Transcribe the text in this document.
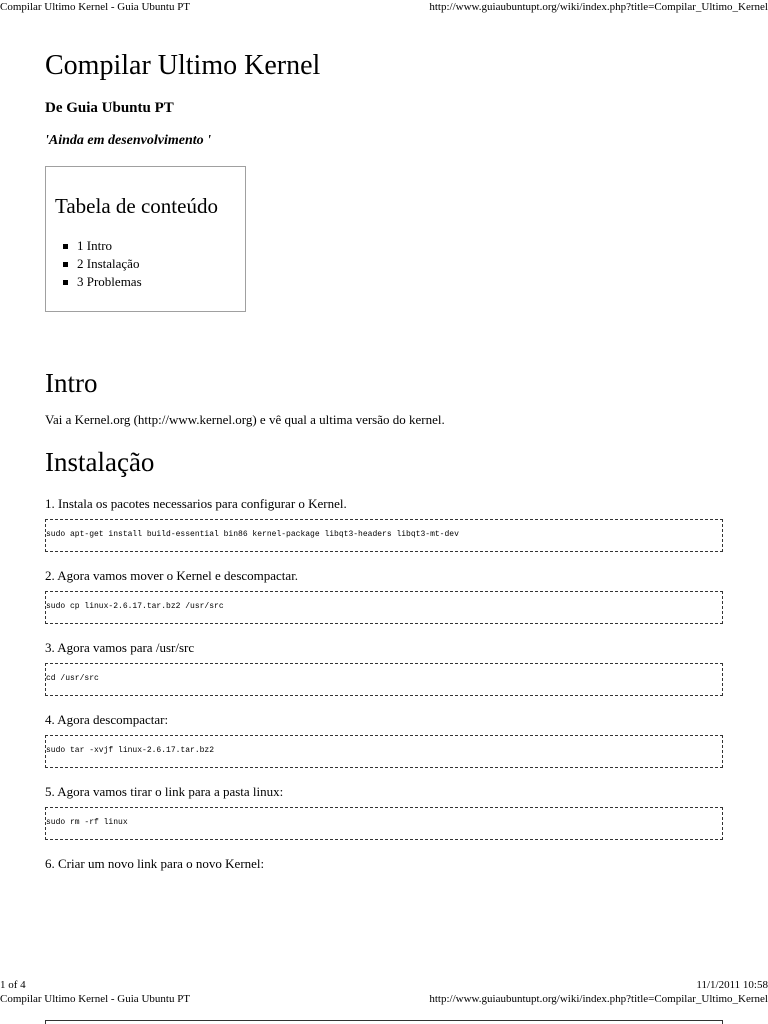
Compilar Ultimo Kernel - Guia Ubuntu PT	http://www.guiaubuntupt.org/wiki/index.php?title=Compilar_Ultimo_Kernel
Compilar Ultimo Kernel
De Guia Ubuntu PT
'Ainda em desenvolvimento '
Tabela de conteúdo
1 Intro
2 Instalação
3 Problemas
Intro

Vai a Kernel.org (http://www.kernel.org) e vê qual a ultima versão do kernel.

Instalação

1. Instala os pacotes necessarios para configurar o Kernel.

sudo apt-get install build-essential bin86 kernel-package libqt3-headers libqt3-mt-dev

2. Agora vamos mover o Kernel e descompactar.

sudo cp linux-2.6.17.tar.bz2 /usr/src

3. Agora vamos para /usr/src

cd /usr/src

4. Agora descompactar:

sudo tar -xvjf linux-2.6.17.tar.bz2

5. Agora vamos tirar o link para a pasta linux:

sudo rm -rf linux

6. Criar um novo link para o novo Kernel:

1 of 4	11/1/2011 10:58
Compilar Ultimo Kernel - Guia Ubuntu PT	http://www.guiaubuntupt.org/wiki/index.php?title=Compilar_Ultimo_Kernel
